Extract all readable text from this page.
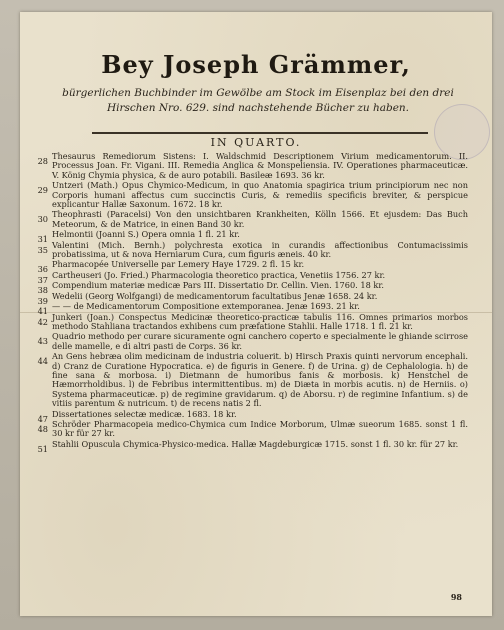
Bey Joseph Grämmer,
bürgerlichen Buchbinder im Gewölbe am Stock im Eisenplaz bei den drei Hirschen Nro. 629. sind nachstehende Bücher zu haben.
IN QUARTO.
28 Thesaurus Remediorum Sistens: I. Waldschmid Descriptionem Virium medicamentorum. II. Processus Joan. Fr. Vigani. III. Remedia Anglica & Monspeliensia. IV. Operationes pharmaceuticæ. V. König Chymia physica, & de auro potabili. Basileæ 1693. 36 kr.
29 Untzeri (Math.) Opus Chymico-Medicum, in quo Anatomia spagirica trium principiorum nec non Corporis humani affectus cum succinctis Curis, & remediis specificis breviter, & perspicue explicantur Hallæ Saxonum. 1672. 18 kr.
30 Theophrasti (Paracelsi) Von den unsichtbaren Krankheiten, Kölln 1566. Et ejusdem: Das Buch Meteorum, & de Matrice, in einen Band 30 kr.
31 Helmontii (Joanni S.) Opera omnia 1 fl. 21 kr.
35 Valentini (Mich. Bernh.) polychresta exotica in curandis affectionibus Contumacissimis probatissima, ut & nova Herniarum Cura, cum figuris æneis. 40 kr.
36 Pharmacopée Universelle par Lemery Haye 1729. 2 fl. 15 kr.
37 Cartheuseri (Jo. Fried.) Pharmacologia theoretico practica, Venetiis 1756. 27 kr.
38 Compendium materiæ medicæ Pars III. Dissertatio Dr. Cellin. Vien. 1760. 18 kr.
39 Wedelii (Georg Wolfgangi) de medicamentorum facultatibus Jenæ 1658. 24 kr.
41 — — de Medicamentorum Compositione extemporanea. Jenæ 1693. 21 kr.
42 Junkeri (Joan.) Conspectus Medicinæ theoretico-practicæ tabulis 116. Omnes primarios morbos methodo Stahliana tractandos exhibens cum præfatione Stahlii. Halle 1718. 1 fl. 21 kr.
43 Quadrio methodo per curare sicuramente ogni canchero coperto e specialmente le ghiande scirrose delle mamelle, e di altri pasti de Corps. 36 kr.
44 An Gens hebræa olim medicinam de industria coluerit. b) Hirsch Praxis quinti nervorum encephali. d) Cranz de Curatione Hypocratica. e) de figuris in Genere. f) de Urina. g) de Cephalologia. h) de fine sana & morbosa. i) Dietmann de humoribus fanis & morbosis. k) Henstchel de Hæmorrholdibus. l) de Febribus intermittentibus. m) de Diæta in morbis acutis. n) de Herniis. o) Systema pharmaceuticæ. p) de regimine gravidarum. q) de Aborsu. r) de regimine Infantium. s) de vitiis parentum & nutricum. t) de recens natis 2 fl.
47 Dissertationes selectæ medicæ. 1683. 18 kr.
48 Schröder Pharmacopeia medico-Chymica cum Indice Morborum, Ulmæ sueorum 1685. sonst 1 fl. 30 kr für 27 kr.
51 Stahlii Opuscula Chymica-Physico-medica. Hallæ Magdeburgicæ 1715. sonst 1 fl. 30 kr. für 27 kr.
98
